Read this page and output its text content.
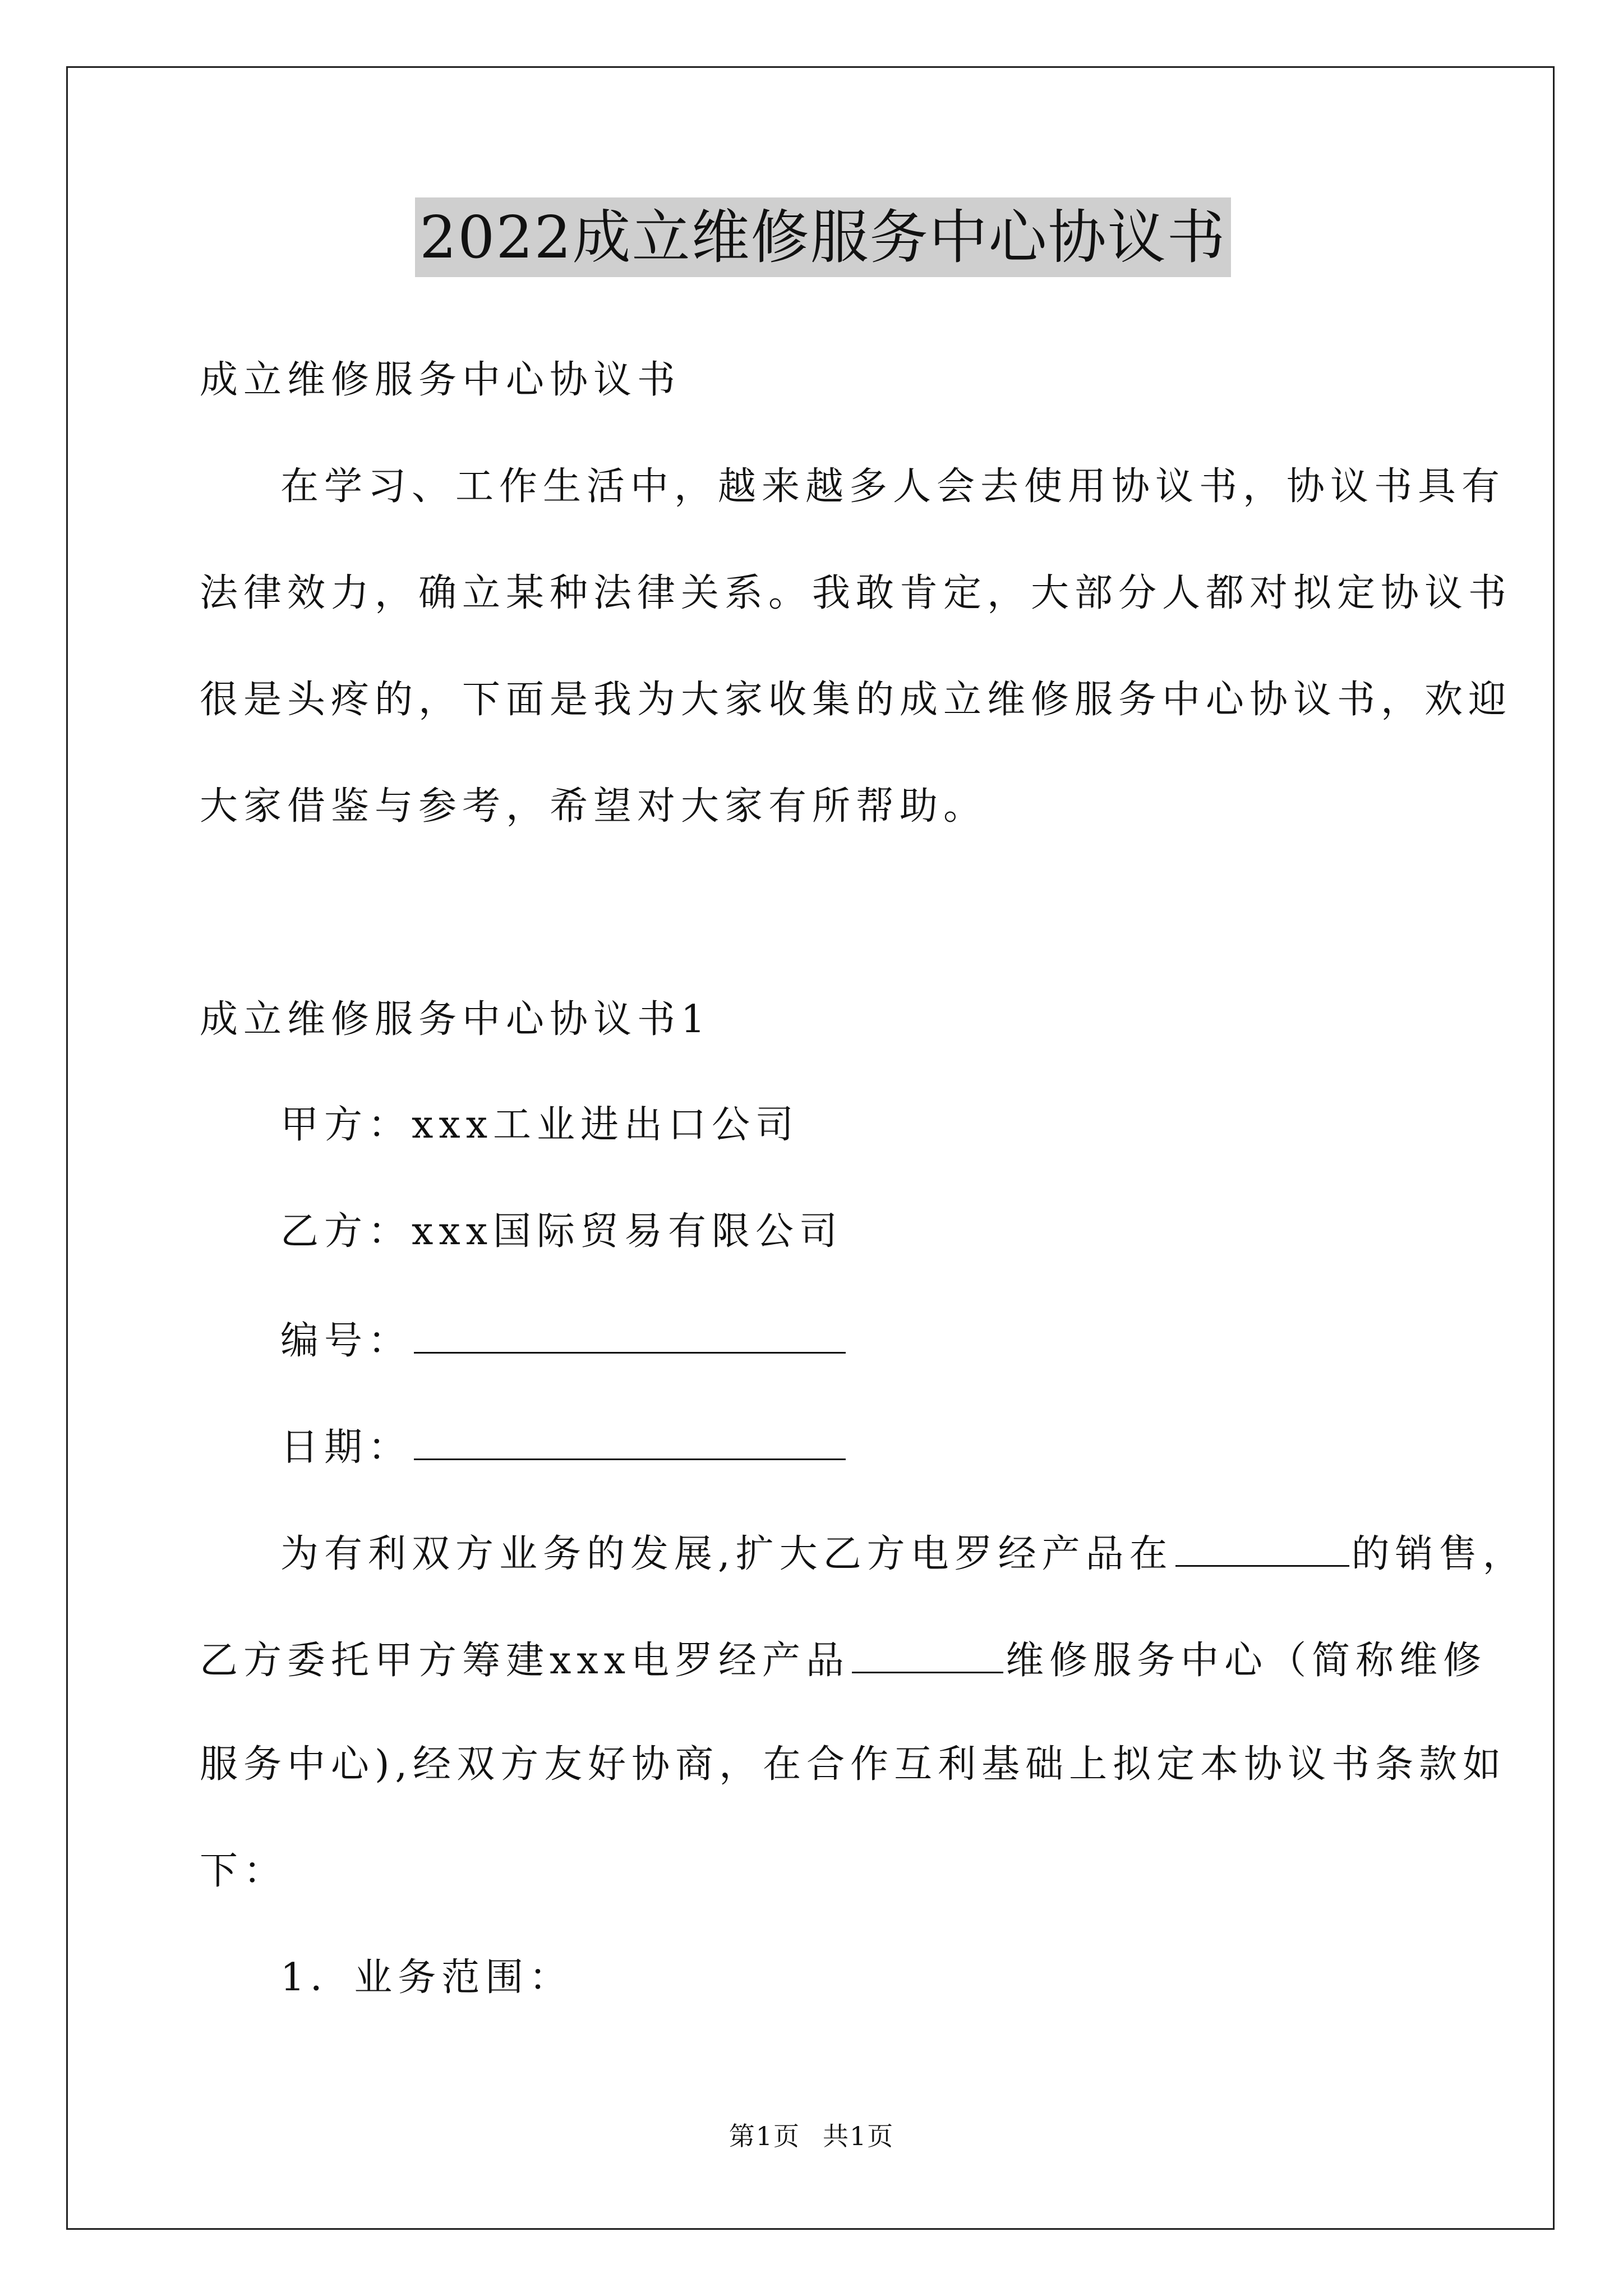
2022成立维修服务中心协议书
成立维修服务中心协议书
在学习、工作生活中，越来越多人会去使用协议书，协议书具有
法律效力，确立某种法律关系。我敢肯定，大部分人都对拟定协议书
很是头疼的，下面是我为大家收集的成立维修服务中心协议书，欢迎
大家借鉴与参考，希望对大家有所帮助。
成立维修服务中心协议书1
甲方：xxx工业进出口公司
乙方：xxx国际贸易有限公司
编号：
日期：
为有利双方业务的发展,扩大乙方电罗经产品在	的销售，
乙方委托甲方筹建xxx电罗经产品	维修服务中心（简称维修
服务中心),经双方友好协商，在合作互利基础上拟定本协议书条款如
下：
1．业务范围：
第1页 共1页
